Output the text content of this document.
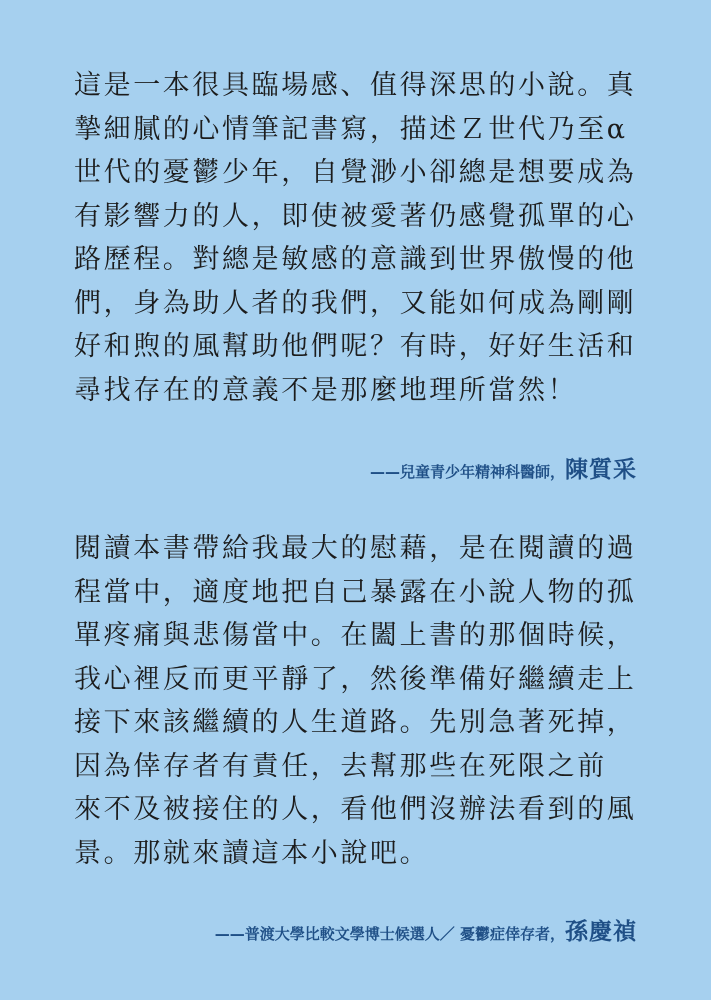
這是一本很具臨場感、值得深思的小說。真
摯細膩的心情筆記書寫，描述Ｚ世代乃至α
世代的憂鬱少年，自覺渺小卻總是想要成為
有影響力的人，即使被愛著仍感覺孤單的心
路歷程。對總是敏感的意識到世界傲慢的他
們，身為助人者的我們，又能如何成為剛剛
好和煦的風幫助他們呢？有時，好好生活和
尋找存在的意義不是那麼地理所當然！
——兒童青少年精神科醫師， 陳質采
閱讀本書帶給我最大的慰藉，是在閱讀的過
程當中，適度地把自己暴露在小說人物的孤
單疼痛與悲傷當中。在闔上書的那個時候，
我心裡反而更平靜了，然後準備好繼續走上
接下來該繼續的人生道路。先別急著死掉，
因為倖存者有責任，去幫那些在死限之前
來不及被接住的人，看他們沒辦法看到的風
景。那就來讀這本小說吧。
——普渡大學比較文學博士候選人／ 憂鬱症倖存者， 孫慶禎
